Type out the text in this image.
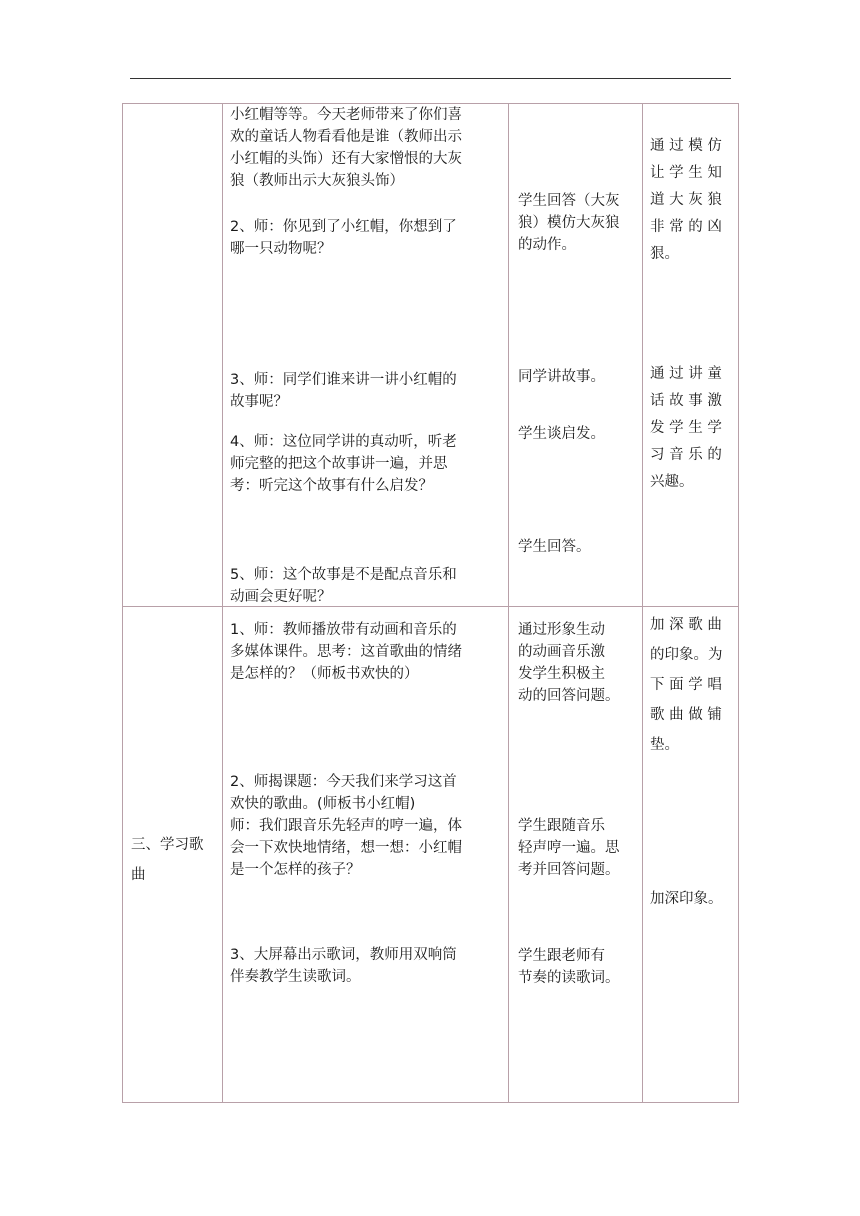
小红帽等等。今天老师带来了你们喜
欢的童话人物看看他是谁（教师出示
小红帽的头饰）还有大家憎恨的大灰
狼（教师出示大灰狼头饰）
2、师：你见到了小红帽，你想到了
哪一只动物呢？
3、师：同学们谁来讲一讲小红帽的
故事呢？
4、师：这位同学讲的真动听，听老
师完整的把这个故事讲一遍，并思
考：听完这个故事有什么启发？
5、师：这个故事是不是配点音乐和
动画会更好呢？
学生回答（大灰
狼）模仿大灰狼
的动作。
同学讲故事。
学生谈启发。
学生回答。
通 过 模 仿
让 学 生 知
道 大 灰 狼
非 常 的 凶
狠。
通 过 讲 童
话 故 事 激
发 学 生 学
习 音 乐 的
兴趣。
三、学习歌
曲
1、师：教师播放带有动画和音乐的
多媒体课件。思考：这首歌曲的情绪
是怎样的？（师板书欢快的）
2、师揭课题：今天我们来学习这首
欢快的歌曲。(师板书小红帽)
师：我们跟音乐先轻声的哼一遍，体
会一下欢快地情绪，想一想：小红帽
是一个怎样的孩子？
3、大屏幕出示歌词，教师用双响筒
伴奏教学生读歌词。
通过形象生动
的动画音乐激
发学生积极主
动的回答问题。
学生跟随音乐
轻声哼一遍。思
考并回答问题。
学生跟老师有
节奏的读歌词。
加 深 歌 曲
的印象。为
下 面 学 唱
歌 曲 做 铺
垫。
加深印象。
